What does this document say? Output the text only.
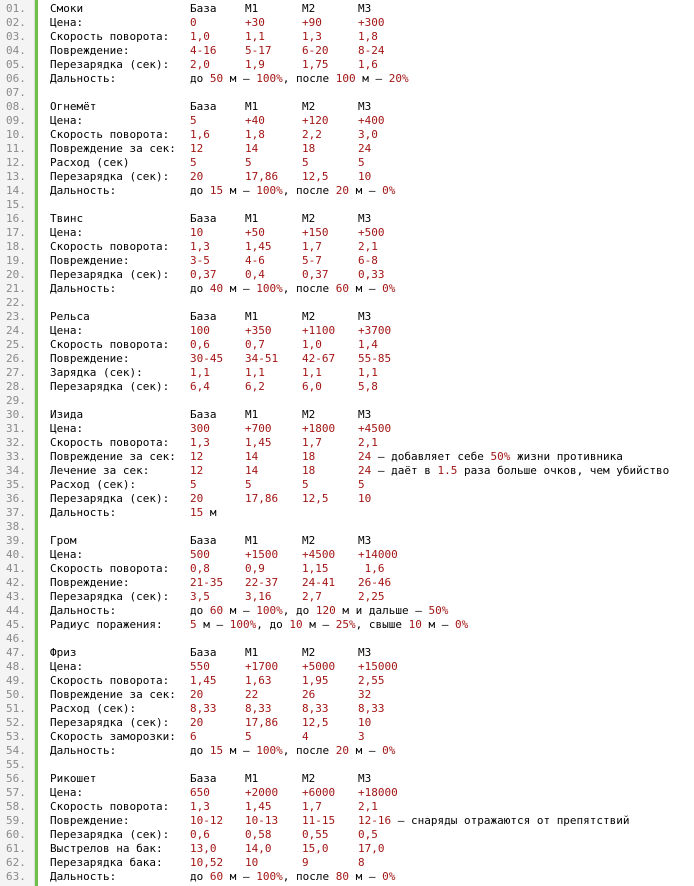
01. Смоки	База	M1	M2	M3
02. Цена:	0	+30	+90	+300
03. Скорость поворота: 1,0	1,1	1,3	1,8
04. Повреждение:	4-16	5-17	6-20	8-24
05. Перезарядка (сек): 2,0	1,9	1,75	1,6
06. Дальность:	до 50 м — 100%, после 100 м — 20%
07.
08. Огнемёт	База	M1	M2	M3
09. Цена:	5	+40	+120	+400
10. Скорость поворота: 1,6	1,8	2,2	3,0
11. Повреждение за сек: 12	14	18	24
12. Расход (сек)	5	5	5	5
13. Перезарядка (сек): 20	17,86 12,5	10
14. Дальность:	до 15 м — 100%, после 20 м — 0%
15.
16. Твинс	База	M1	M2	M3
17. Цена:	10	+50	+150	+500
18. Скорость поворота: 1,3	1,45	1,7	2,1
19. Повреждение:	3-5	4-6	5-7	6-8
20. Перезарядка (сек): 0,37	0,4	0,37	0,33
21. Дальность:	до 40 м — 100%, после 60 м — 0%
22.
23. Рельса	База	M1	M2	M3
24. Цена:	100	+350	+1100 +3700
25. Скорость поворота: 0,6	0,7	1,0	1,4
26. Повреждение:	30-45 34-51 42-67 55-85
27. Зарядка (сек):	1,1	1,1	1,1	1,1
28. Перезарядка (сек): 6,4	6,2	6,0	5,8
29.
30. Изида	База	M1	M2	M3
31. Цена:	300	+700	+1800 +4500
32. Скорость поворота: 1,3	1,45	1,7	2,1
33. Повреждение за сек: 12	14	18	24 — добавляет себе 50% жизни противника
34. Лечение за сек:	12	14	18	24 — даёт в 1.5 раза больше очков, чем убийство
35. Расход (сек):	5	5	5	5
36. Перезарядка (сек): 20	17,86 12,5	10
37. Дальность:	15 м
38.
39. Гром	База	M1	M2	M3
40. Цена:	500	+1500 +4500 +14000
41. Скорость поворота: 0,8	0,9	1,15	1,6
42. Повреждение:	21-35 22-37 24-41 26-46
43. Перезарядка (сек): 3,5	3,16	2,7	2,25
44. Дальность:	до 60 м — 100%, до 120 м и дальше — 50%
45. Радиус поражения: 5 м — 100%, до 10 м — 25%, свыше 10 м — 0%
46.
47. Фриз	База	M1	M2	M3
48. Цена:	550	+1700 +5000 +15000
49. Скорость поворота: 1,45	1,63	1,95	2,55
50. Повреждение за сек: 20	22	26	32
51. Расход (сек):	8,33	8,33	8,33	8,33
52. Перезарядка (сек): 20	17,86 12,5	10
53. Скорость заморозки: 6	5	4	3
54. Дальность:	до 15 м — 100%, после 20 м — 0%
55.
56. Рикошет	База	M1	M2	M3
57. Цена:	650	+2000 +6000 +18000
58. Скорость поворота: 1,3	1,45	1,7	2,1
59. Повреждение:	10-12 10-13 11-15 12-16 — снаряды отражаются от препятствий
60. Перезарядка (сек): 0,6	0,58	0,55	0,5
61. Выстрелов на бак: 13,0	14,0	15,0	17,0
62. Перезарядка бака: 10,52 10	9	8
63. Дальность:	до 60 м — 100%, после 80 м — 0%
